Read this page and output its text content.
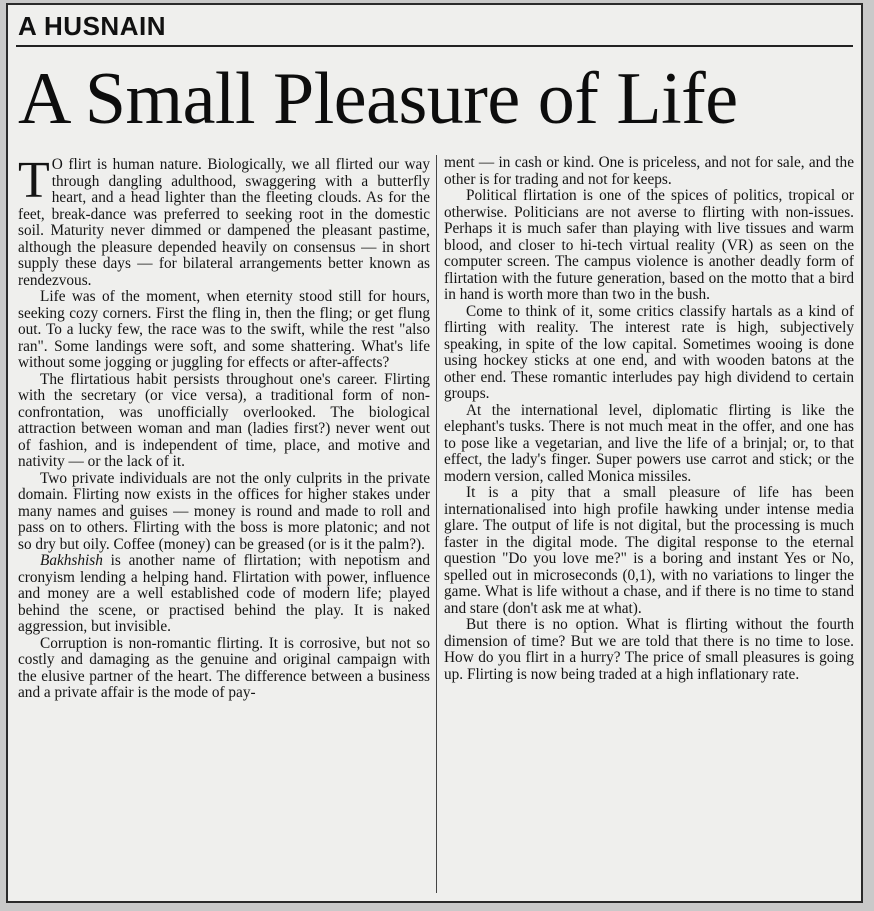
A HUSNAIN
A Small Pleasure of Life

T O flirt is human nature. Biologically, we all flirted our way through dangling adulthood, swaggering with a butterfly heart, and a head lighter than the fleeting clouds. As for the feet, break-dance was preferred to seeking root in the domestic soil. Maturity never dimmed or dampened the pleasant pastime, although the pleasure depended heavily on consensus — in short supply these days — for bilateral arrangements better known as rendezvous.

Life was of the moment, when eternity stood still for hours, seeking cozy corners. First the fling in, then the fling; or get flung out. To a lucky few, the race was to the swift, while the rest "also ran". Some landings were soft, and some shattering. What's life without some jogging or juggling for effects or after-affects?

The flirtatious habit persists throughout one's career. Flirting with the secretary (or vice versa), a traditional form of non-confrontation, was unofficially overlooked. The biological attraction between woman and man (ladies first?) never went out of fashion, and is independent of time, place, and motive and nativity — or the lack of it.

Two private individuals are not the only culprits in the private domain. Flirting now exists in the offices for higher stakes under many names and guises — money is round and made to roll and pass on to others. Flirting with the boss is more platonic; and not so dry but oily. Coffee (money) can be greased (or is it the palm?).

Bakhshish is another name of flirtation; with nepotism and cronyism lending a helping hand. Flirtation with power, influence and money are a well established code of modern life; played behind the scene, or practised behind the play. It is naked aggression, but invisible.

Corruption is non-romantic flirting. It is corrosive, but not so costly and damaging as the genuine and original campaign with the elusive partner of the heart. The difference between a business and a private affair is the mode of pay-

ment — in cash or kind. One is priceless, and not for sale, and the other is for trading and not for keeps.

Political flirtation is one of the spices of politics, tropical or otherwise. Politicians are not averse to flirting with non-issues. Perhaps it is much safer than playing with live tissues and warm blood, and closer to hi-tech virtual reality (VR) as seen on the computer screen. The campus violence is another deadly form of flirtation with the future generation, based on the motto that a bird in hand is worth more than two in the bush.

Come to think of it, some critics classify hartals as a kind of flirting with reality. The interest rate is high, subjectively speaking, in spite of the low capital. Sometimes wooing is done using hockey sticks at one end, and with wooden batons at the other end. These romantic interludes pay high dividend to certain groups.

At the international level, diplomatic flirting is like the elephant's tusks. There is not much meat in the offer, and one has to pose like a vegetarian, and live the life of a brinjal; or, to that effect, the lady's finger. Super powers use carrot and stick; or the modern version, called Monica missiles.

It is a pity that a small pleasure of life has been internationalised into high profile hawking under intense media glare. The output of life is not digital, but the processing is much faster in the digital mode. The digital response to the eternal question "Do you love me?" is a boring and instant Yes or No, spelled out in microseconds (0,1), with no variations to linger the game. What is life without a chase, and if there is no time to stand and stare (don't ask me at what).

But there is no option. What is flirting without the fourth dimension of time? But we are told that there is no time to lose. How do you flirt in a hurry? The price of small pleasures is going up. Flirting is now being traded at a high inflationary rate.
